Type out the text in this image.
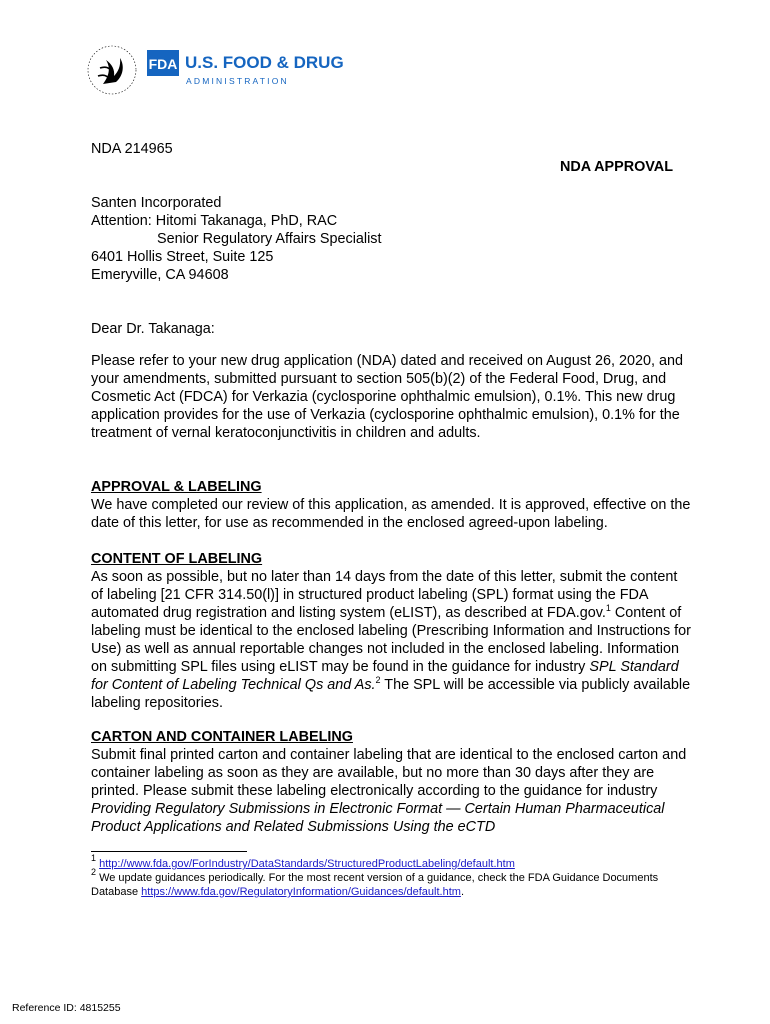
FDA U.S. FOOD & DRUG
ADMINISTRATION
NDA 214965
NDA APPROVAL
Santen Incorporated
Attention: Hitomi Takanaga, PhD, RAC
Senior Regulatory Affairs Specialist
6401 Hollis Street, Suite 125
Emeryville, CA 94608
Dear Dr. Takanaga:

Please refer to your new drug application (NDA) dated and received on August 26, 2020, and your amendments, submitted pursuant to section 505(b)(2) of the Federal Food, Drug, and Cosmetic Act (FDCA) for Verkazia (cyclosporine ophthalmic emulsion), 0.1%. This new drug application provides for the use of Verkazia (cyclosporine ophthalmic emulsion), 0.1% for the treatment of vernal keratoconjunctivitis in children and adults.

APPROVAL & LABELING

We have completed our review of this application, as amended. It is approved, effective on the date of this letter, for use as recommended in the enclosed agreed-upon labeling.

CONTENT OF LABELING

As soon as possible, but no later than 14 days from the date of this letter, submit the content of labeling [21 CFR 314.50(l)] in structured product labeling (SPL) format using the FDA automated drug registration and listing system (eLIST), as described at FDA.gov.$^1$ Content of labeling must be identical to the enclosed labeling (Prescribing Information and Instructions for Use) as well as annual reportable changes not included in the enclosed labeling. Information on submitting SPL files using eLIST may be found in the guidance for industry SPL Standard for Content of Labeling Technical Qs and As.$^2$ The SPL will be accessible via publicly available labeling repositories.

CARTON AND CONTAINER LABELING

Submit final printed carton and container labeling that are identical to the enclosed carton and container labeling as soon as they are available, but no more than 30 days after they are printed. Please submit these labeling electronically according to the guidance for industry Providing Regulatory Submissions in Electronic Format — Certain Human Pharmaceutical Product Applications and Related Submissions Using the eCTD

$^1$ http://www.fda.gov/ForIndustry/DataStandards/StructuredProductLabeling/default.htm
$^2$ We update guidances periodically. For the most recent version of a guidance, check the FDA Guidance Documents Database https://www.fda.gov/RegulatoryInformation/Guidances/default.htm.
Reference ID: 4815255
